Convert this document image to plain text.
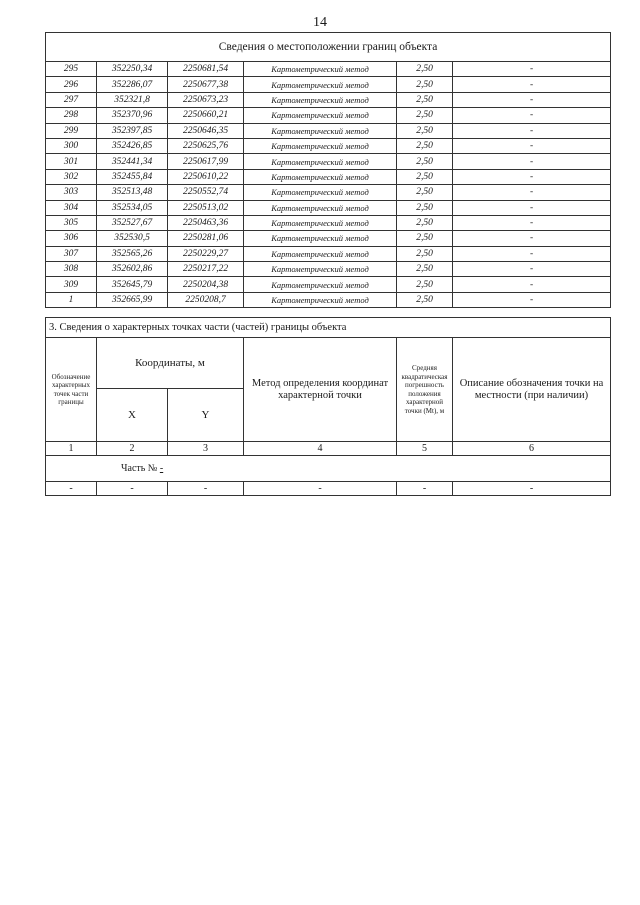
14
Сведения о местоположении границ объекта					
295	352250,34	2250681,54	Картометрический метод	2,50	-
296	352286,07	2250677,38	Картометрический метод	2,50	-
297	352321,8	2250673,23	Картометрический метод	2,50	-
298	352370,96	2250660,21	Картометрический метод	2,50	-
299	352397,85	2250646,35	Картометрический метод	2,50	-
300	352426,85	2250625,76	Картометрический метод	2,50	-
301	352441,34	2250617,99	Картометрический метод	2,50	-
302	352455,84	2250610,22	Картометрический метод	2,50	-
303	352513,48	2250552,74	Картометрический метод	2,50	-
304	352534,05	2250513,02	Картометрический метод	2,50	-
305	352527,67	2250463,36	Картометрический метод	2,50	-
306	352530,5	2250281,06	Картометрический метод	2,50	-
307	352565,26	2250229,27	Картометрический метод	2,50	-
308	352602,86	2250217,22	Картометрический метод	2,50	-
309	352645,79	2250204,38	Картометрический метод	2,50	-
1	352665,99	2250208,7	Картометрический метод	2,50	-
3. Сведения о характерных точках части (частей) границы объекта					
Обозначение характерных точек части границы	Координаты, м		Метод определения координат характерной точки	Средняя квадратическая погрешность положения характерной точки (Мt), м	Описание обозначения точки на местности (при наличии)
	X	Y			
1	2	3	4	5	6
Часть № -					
-	-	-	-	-	-
